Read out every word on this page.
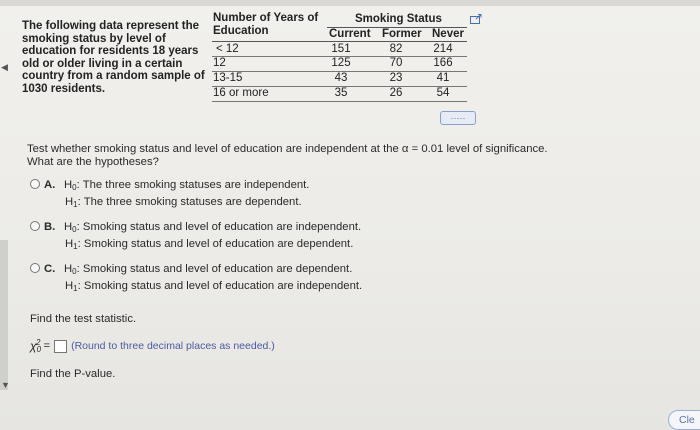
◀
▼
The following data represent the smoking status by level of education for residents 18 years old or older living in a certain country from a random sample of 1030 residents.
Number of Years of Education
Smoking Status
Current Former Never
< 12	151	82	214
12	125	70	166
13-15	43	23	41
16 or more	35	26	54
·····
Test whether smoking status and level of education are independent at the α = 0.01 level of significance.
What are the hypotheses?
A. $H_0$: The three smoking statuses are independent.
$H_1$: The three smoking statuses are dependent.
B. $H_0$: Smoking status and level of education are independent.
$H_1$: Smoking status and level of education are dependent.
C. $H_0$: Smoking status and level of education are dependent.
$H_1$: Smoking status and level of education are independent.
Find the test statistic.
$\chi_0^2$ = (Round to three decimal places as needed.)
Find the P-value.
Cle
